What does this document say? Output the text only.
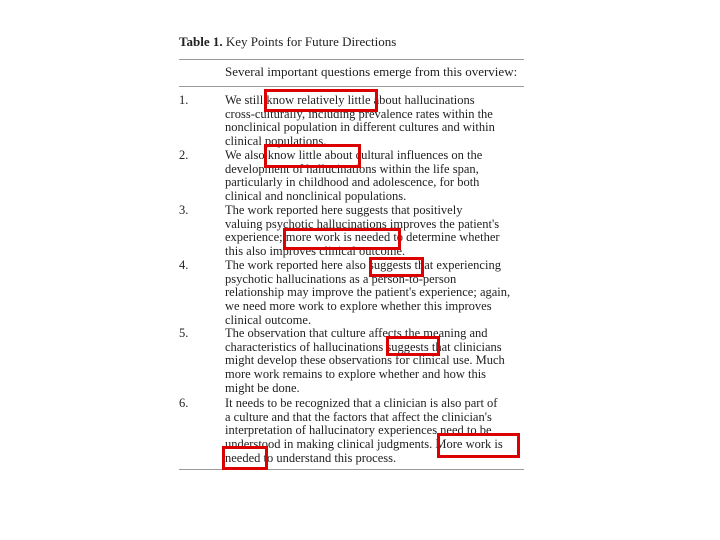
Table 1. Key Points for Future Directions
Several important questions emerge from this overview:
1.	We still know relatively little about hallucinations
cross-culturally, including prevalence rates within the
nonclinical population in different cultures and within
clinical populations.
2.	We also know little about cultural influences on the
development of hallucinations within the life span,
particularly in childhood and adolescence, for both
clinical and nonclinical populations.
3.	The work reported here suggests that positively
valuing psychotic hallucinations improves the patient's
experience; more work is needed to determine whether
this also improves clinical outcome.
4.	The work reported here also suggests that experiencing
psychotic hallucinations as a person-to-person
relationship may improve the patient's experience; again,
we need more work to explore whether this improves
clinical outcome.
5.	The observation that culture affects the meaning and
characteristics of hallucinations suggests that clinicians
might develop these observations for clinical use. Much
more work remains to explore whether and how this
might be done.
6.	It needs to be recognized that a clinician is also part of
a culture and that the factors that affect the clinician's
interpretation of hallucinatory experiences need to be
understood in making clinical judgments. More work is
needed to understand this process.
